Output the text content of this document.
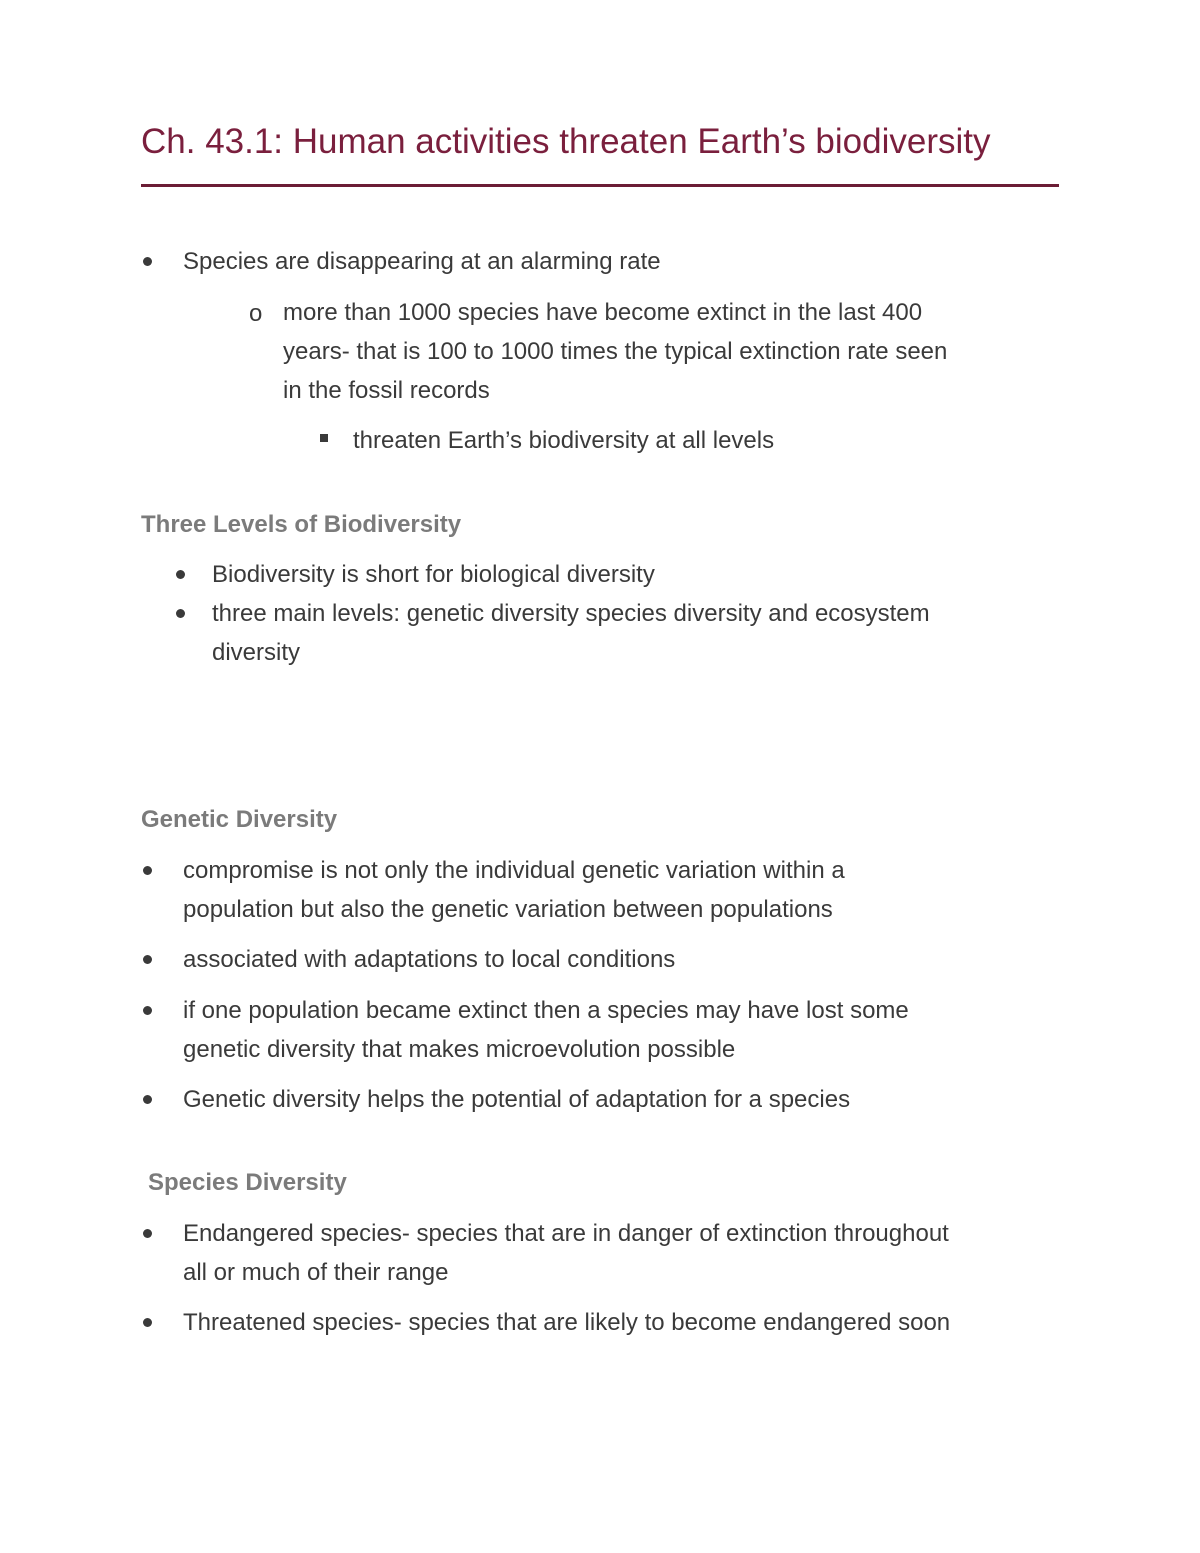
Ch. 43.1: Human activities threaten Earth’s biodiversity
Species are disappearing at an alarming rate
o more than 1000 species have become extinct in the last 400
years- that is 100 to 1000 times the typical extinction rate seen
in the fossil records
threaten Earth’s biodiversity at all levels
Three Levels of Biodiversity
Biodiversity is short for biological diversity
three main levels: genetic diversity species diversity and ecosystem
diversity
Genetic Diversity
compromise is not only the individual genetic variation within a
population but also the genetic variation between populations
associated with adaptations to local conditions
if one population became extinct then a species may have lost some
genetic diversity that makes microevolution possible
Genetic diversity helps the potential of adaptation for a species
Species Diversity
Endangered species- species that are in danger of extinction throughout
all or much of their range
Threatened species- species that are likely to become endangered soon
